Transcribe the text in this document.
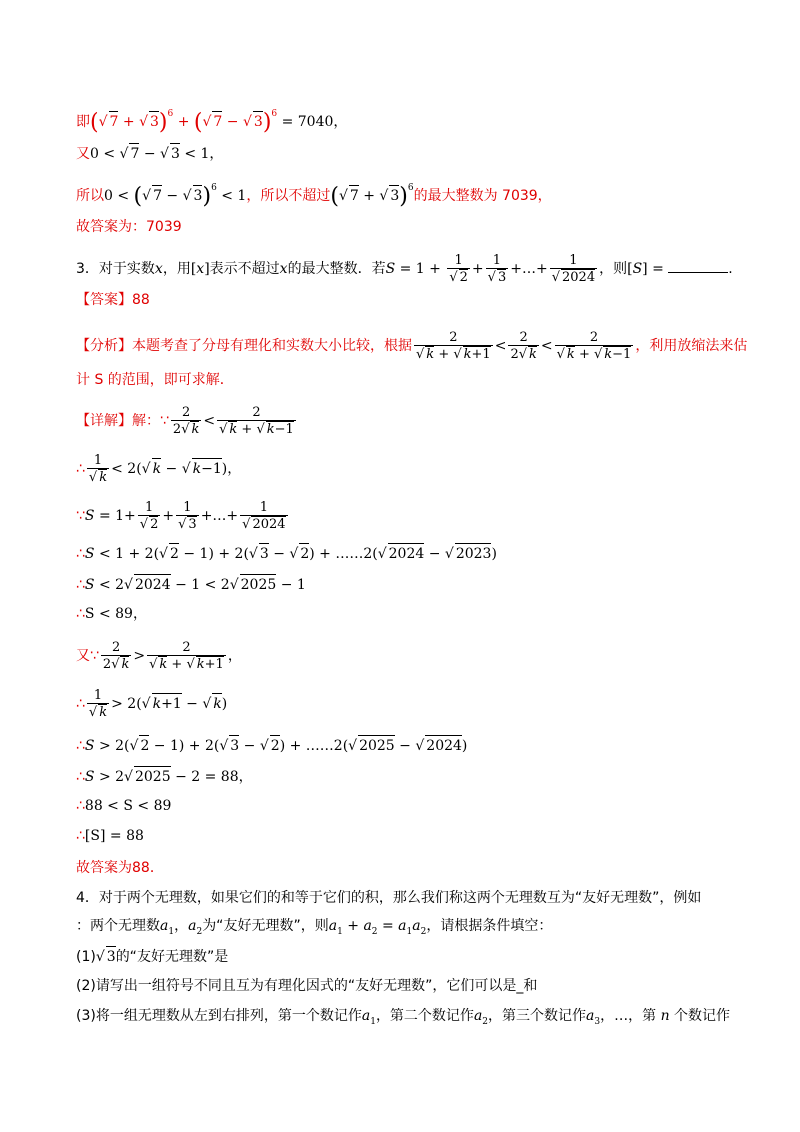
即(√ 7 + √ 3)$^6$ + (√ 7 − √ 3)$^6$ = 7040，
又0 < √ 7 − √ 3 < 1，
所以0 < (√ 7 − √ 3)$^6$ < 1，所以不超过(√ 7 + √ 3)$^6$的最大整数为 7039，
故答案为：7039
3．对于实数x，用[x]表示不超过x的最大整数．若$S = 1 + \frac{1}{√ 2} + \frac{1}{√ 3}$ +…+ $\frac{1}{√ 2024}$ ，则[S] =	.
【答案】88
【分析】本题考查了分母有理化和实数大小比较，根据 $\frac{2}{√ k + √ k+1} < \frac{2}{2√ k} < \frac{2}{√ k + √ k-1}$ ，利用放缩法来估
计 S 的范围，即可求解．
【详解】解：∵ $\frac{2}{2√ k} < \frac{2}{√ k + √ k-1}$
∴ $\frac{1}{√ k} < 2(√$ k − √ k−1)，
∵S = $1+ \frac{1}{√ 2} + \frac{1}{√ 3}$ +…+ $\frac{1}{√ 2024}$
∴S < 1 + 2(√ 2 − 1) + 2(√ 3 − √ 2) + ……2(√ 2024 − √ 2023)
∴S < 2√ 2024 − 1 < 2√ 2025 − 1
∴S < 89，
又∵ $\frac{2}{2√ k} > \frac{2}{√ k + √ k+1}$ ，
∴ $\frac{1}{√ k} > 2(√$ k+1 − √ k)
∴S > 2(√ 2 − 1) + 2(√ 3 − √ 2) + ……2(√ 2025 − √ 2024)
∴S > 2√ 2025 − 2 = 88，
∴88 < S < 89
∴[S] = 88
故答案为88．
4．对于两个无理数，如果它们的和等于它们的积，那么我们称这两个无理数互为“友好无理数”，例如
：两个无理数$a_1$，$a_2$为“友好无理数”，则$a_1 + a_2 = a_1a_2$，请根据条件填空：
(1)√ 3的“友好无理数”是
(2)请写出一组符号不同且互为有理化因式的“友好无理数”，它们可以是_和
(3)将一组无理数从左到右排列，第一个数记作$a_1$，第二个数记作$a_2$，第三个数记作$a_3$，…，第 n 个数记作
